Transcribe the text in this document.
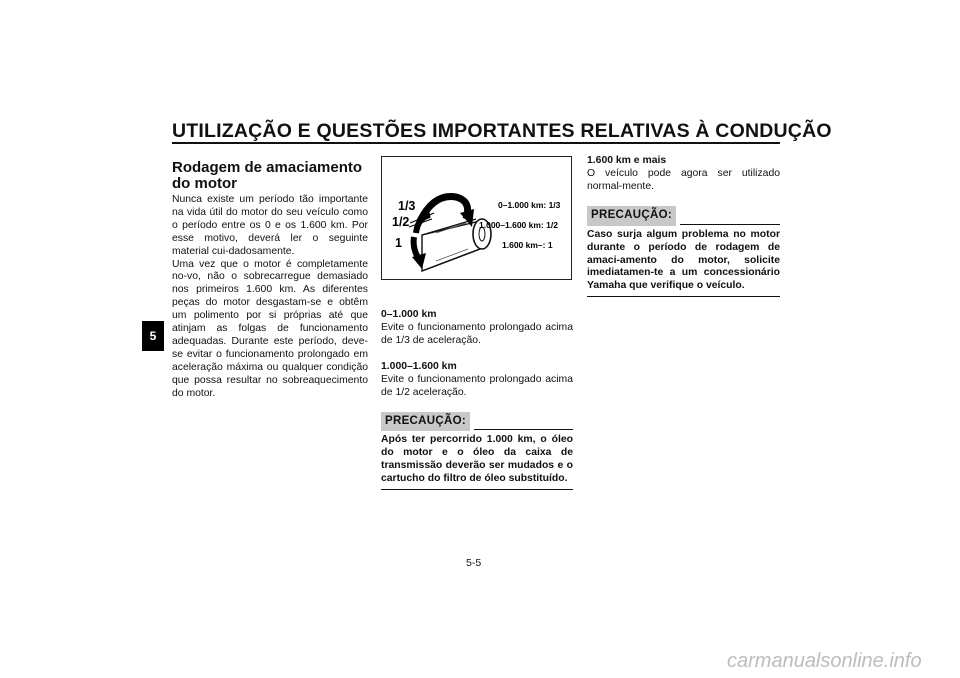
UTILIZAÇÃO E QUESTÕES IMPORTANTES RELATIVAS À CONDUÇÃO
5
Rodagem de amaciamento do motor

Nunca existe um período tão importante na vida útil do motor do seu veículo como o período entre os 0 e os 1.600 km. Por esse motivo, deverá ler o seguinte material cui-dadosamente.

Uma vez que o motor é completamente no-vo, não o sobrecarregue demasiado nos primeiros 1.600 km. As diferentes peças do motor desgastam-se e obtêm um polimento por si próprias até que atinjam as folgas de funcionamento adequadas. Durante este período, deve-se evitar o funcionamento prolongado em aceleração máxima ou qualquer condição que possa resultar no sobreaquecimento do motor.

1/3
1/2
1
0–1.000 km: 1/3
1.000–1.600 km: 1/2
1.600 km–: 1

0–1.000 km

Evite o funcionamento prolongado acima de 1/3 de aceleração.

1.000–1.600 km

Evite o funcionamento prolongado acima de 1/2 aceleração.

PRECAUÇÃO:
Após ter percorrido 1.000 km, o óleo do motor e o óleo da caixa de transmissão deverão ser mudados e o cartucho do filtro de óleo substituído.

1.600 km e mais

O veículo pode agora ser utilizado normal-mente.

PRECAUÇÃO:
Caso surja algum problema no motor durante o período de rodagem de amaci-amento do motor, solicite imediatamen-te a um concessionário Yamaha que verifique o veículo.
5-5
carmanualsonline.info
